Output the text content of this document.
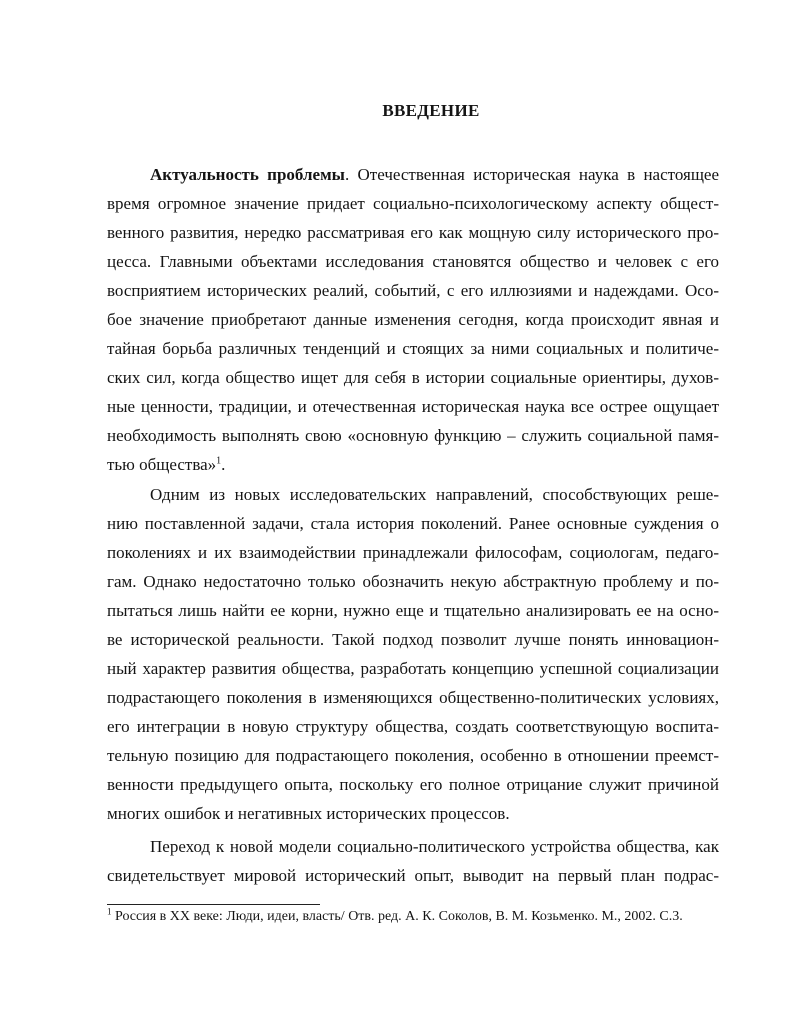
ВВЕДЕНИЕ
Актуальность проблемы. Отечественная историческая наука в настоящее
время огромное значение придает социально-психологическому аспекту общест-
венного развития, нередко рассматривая его как мощную силу исторического про-
цесса. Главными объектами исследования становятся общество и человек с его
восприятием исторических реалий, событий, с его иллюзиями и надеждами. Осо-
бое значение приобретают данные изменения сегодня, когда происходит явная и
тайная борьба различных тенденций и стоящих за ними социальных и политиче-
ских сил, когда общество ищет для себя в истории социальные ориентиры, духов-
ные ценности, традиции, и отечественная историческая наука все острее ощущает
необходимость выполнять свою «основную функцию – служить социальной памя-
тью общества»$^1$.
Одним из новых исследовательских направлений, способствующих реше-
нию поставленной задачи, стала история поколений. Ранее основные суждения о
поколениях и их взаимодействии принадлежали философам, социологам, педаго-
гам. Однако недостаточно только обозначить некую абстрактную проблему и по-
пытаться лишь найти ее корни, нужно еще и тщательно анализировать ее на осно-
ве исторической реальности. Такой подход позволит лучше понять инновацион-
ный характер развития общества, разработать концепцию успешной социализации
подрастающего поколения в изменяющихся общественно-политических условиях,
его интеграции в новую структуру общества, создать соответствующую воспита-
тельную позицию для подрастающего поколения, особенно в отношении преемст-
венности предыдущего опыта, поскольку его полное отрицание служит причиной
многих ошибок и негативных исторических процессов.
Переход к новой модели социально-политического устройства общества, как
свидетельствует мировой исторический опыт, выводит на первый план подрас-
$^1$ Россия в XX веке: Люди, идеи, власть/ Отв. ред. А. К. Соколов, В. М. Козьменко. М., 2002. С.3.
